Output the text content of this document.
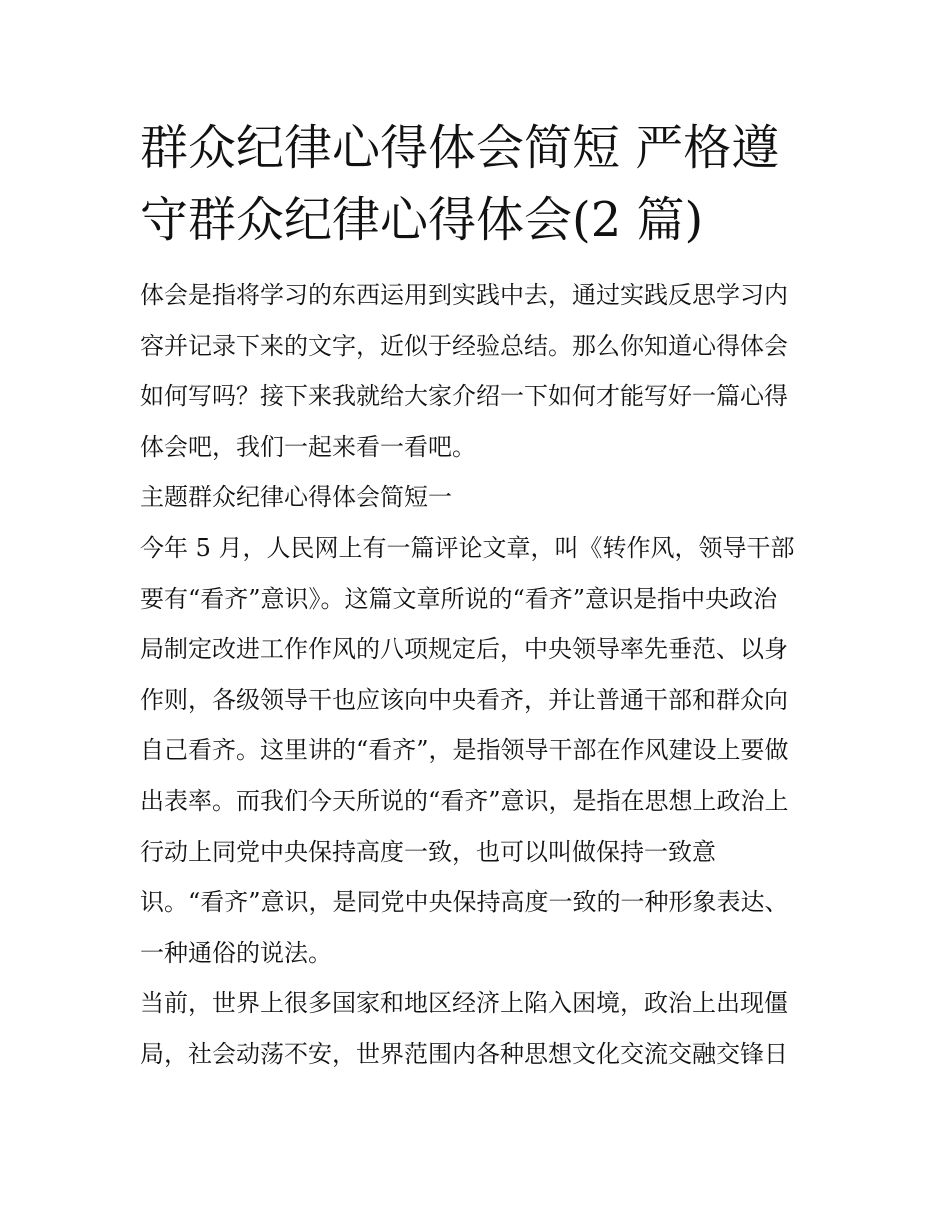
群众纪律心得体会简短 严格遵
守群众纪律心得体会(2 篇)
体会是指将学习的东西运用到实践中去，通过实践反思学习内
容并记录下来的文字，近似于经验总结。那么你知道心得体会
如何写吗？接下来我就给大家介绍一下如何才能写好一篇心得
体会吧，我们一起来看一看吧。
主题群众纪律心得体会简短一
今年 5 月，人民网上有一篇评论文章，叫《转作风，领导干部
要有“看齐”意识》。这篇文章所说的“看齐”意识是指中央政治
局制定改进工作作风的八项规定后，中央领导率先垂范、以身
作则，各级领导干也应该向中央看齐，并让普通干部和群众向
自己看齐。这里讲的“看齐”，是指领导干部在作风建设上要做
出表率。而我们今天所说的“看齐”意识，是指在思想上政治上
行动上同党中央保持高度一致，也可以叫做保持一致意
识。“看齐”意识，是同党中央保持高度一致的一种形象表达、
一种通俗的说法。
当前，世界上很多国家和地区经济上陷入困境，政治上出现僵
局，社会动荡不安，世界范围内各种思想文化交流交融交锋日
